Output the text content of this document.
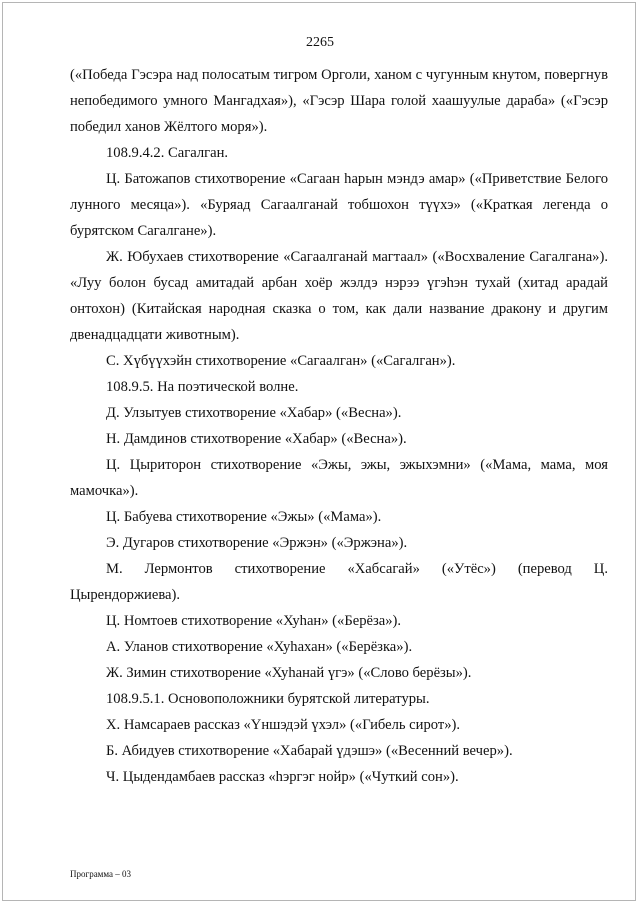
2265

(«Победа Гэсэра над полосатым тигром Орголи, ханом с чугунным кнутом, повергнув непобедимого умного Мангадхая»), «Гэсэр Шара голой хаашуулые дараба» («Гэсэр победил ханов Жёлтого моря»).

108.9.4.2. Сагалган.

Ц. Батожапов стихотворение «Сагаан hарын мэндэ амар» («Приветствие Белого лунного месяца»). «Буряад Сагаалганай тобшохон түүхэ» («Краткая легенда о бурятском Сагалгане»).

Ж. Юбухаев стихотворение «Сагаалганай магтаал» («Восхваление Сагалгана»). «Луу болон бусад амитадай арбан хоёр жэлдэ нэрээ үгэhэн тухай (хитад арадай онтохон) (Китайская народная сказка о том, как дали название дракону и другим двенадцадцати животным).

С. Хүбүүхэйн стихотворение «Сагаалган» («Сагалган»).

108.9.5. На поэтической волне.

Д. Улзытуев стихотворение «Хабар» («Весна»).

Н. Дамдинов стихотворение «Хабар» («Весна»).

Ц. Цыриторон стихотворение «Эжы, эжы, эжыхэмни» («Мама, мама, моя мамочка»).

Ц. Бабуева стихотворение «Эжы» («Мама»).

Э. Дугаров стихотворение «Эржэн» («Эржэна»).

М. Лермонтов стихотворение «Хабсагай» («Утёс») (перевод Ц. Цырендоржиева).

Ц. Номтоев стихотворение «Хуhан» («Берёза»).

А. Уланов стихотворение «Хуhахан» («Берёзка»).

Ж. Зимин стихотворение «Хуhанай үгэ» («Слово берёзы»).

108.9.5.1. Основоположники бурятской литературы.

Х. Намсараев рассказ «Үншэдэй үхэл» («Гибель сирот»).

Б. Абидуев стихотворение «Хабарай үдэшэ» («Весенний вечер»).

Ч. Цыдендамбаев рассказ «hэргэг нойр» («Чуткий сон»).

Программа – 03
